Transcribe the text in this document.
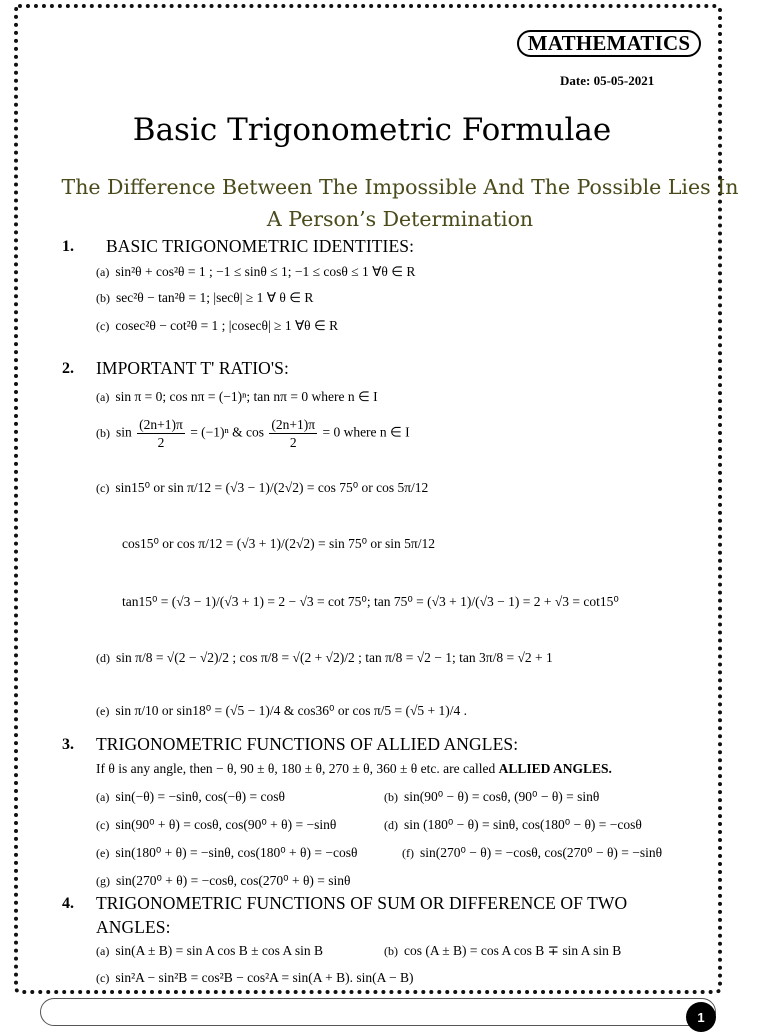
MATHEMATICS
Date: 05-05-2021
Basic Trigonometric Formulae
The Difference Between The Impossible And The Possible Lies In A Person’s Determination
1. BASIC TRIGONOMETRIC IDENTITIES:
(a) sin²θ + cos²θ = 1 ; −1 ≤ sinθ ≤ 1; −1 ≤ cosθ ≤ 1 ∀θ ∈ R
(b) sec²θ − tan²θ = 1; |secθ| ≥ 1 ∀ θ ∈ R
(c) cosec²θ − cot²θ = 1 ; |cosecθ| ≥ 1 ∀θ ∈ R
2. IMPORTANT T' RATIO'S:
(a) sin π = 0; cos nπ = (−1)ⁿ; tan nπ = 0 where n ∈ I
(b) $\sin \frac{(2n+1)\pi}{2} = (-1)^n$ & $\cos \frac{(2n+1)\pi}{2} = 0$ where n ∈ I
(c) sin15⁰ or sin π/12 = (√3 − 1)/(2√2) = cos 75⁰ or cos 5π/12
cos15⁰ or cos π/12 = (√3 + 1)/(2√2) = sin 75⁰ or sin 5π/12
tan15⁰ = (√3 − 1)/(√3 + 1) = 2 − √3 = cot 75⁰; tan 75⁰ = (√3 + 1)/(√3 − 1) = 2 + √3 = cot15⁰
(d) sin π/8 = √(2 − √2)/2 ; cos π/8 = √(2 + √2)/2 ; tan π/8 = √2 − 1; tan 3π/8 = √2 + 1
(e) sin π/10 or sin18⁰ = (√5 − 1)/4 & cos36⁰ or cos π/5 = (√5 + 1)/4 .
3. TRIGONOMETRIC FUNCTIONS OF ALLIED ANGLES:
If θ is any angle, then − θ, 90 ± θ, 180 ± θ, 270 ± θ, 360 ± θ etc. are called ALLIED ANGLES.
(a) sin(−θ) = −sinθ, cos(−θ) = cosθ	(b) sin(90⁰ − θ) = cosθ, (90⁰ − θ) = sinθ
(c) sin(90⁰ + θ) = cosθ, cos(90⁰ + θ) = −sinθ	(d) sin (180⁰ − θ) = sinθ, cos(180⁰ − θ) = −cosθ
(e) sin(180⁰ + θ) = −sinθ, cos(180⁰ + θ) = −cosθ	(f) sin(270⁰ − θ) = −cosθ, cos(270⁰ − θ) = −sinθ
(g) sin(270⁰ + θ) = −cosθ, cos(270⁰ + θ) = sinθ
4. TRIGONOMETRIC FUNCTIONS OF SUM OR DIFFERENCE OF TWO
ANGLES:
(a) sin(A ± B) = sin A cos B ± cos A sin B	(b) cos (A ± B) = cos A cos B ∓ sin A sin B
(c) sin²A − sin²B = cos²B − cos²A = sin(A + B). sin(A − B)
1
